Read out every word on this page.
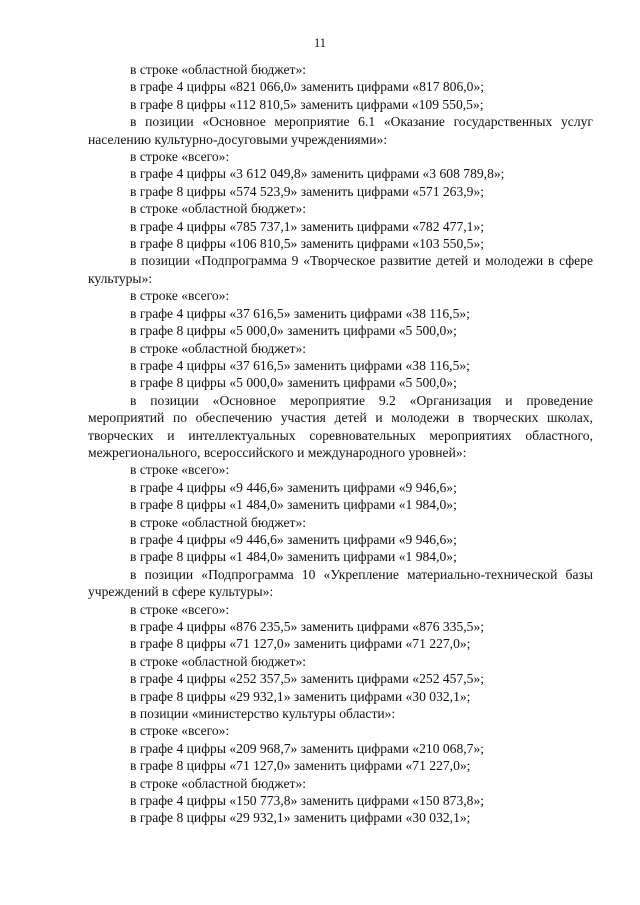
11

в строке «областной бюджет»:

в графе 4 цифры «821 066,0» заменить цифрами «817 806,0»;

в графе 8 цифры «112 810,5» заменить цифрами «109 550,5»;

в позиции «Основное мероприятие 6.1 «Оказание государственных услуг населению культурно-досуговыми учреждениями»:

в строке «всего»:

в графе 4 цифры «3 612 049,8» заменить цифрами «3 608 789,8»;

в графе 8 цифры «574 523,9» заменить цифрами «571 263,9»;

в строке «областной бюджет»:

в графе 4 цифры «785 737,1» заменить цифрами «782 477,1»;

в графе 8 цифры «106 810,5» заменить цифрами «103 550,5»;

в позиции «Подпрограмма 9 «Творческое развитие детей и молодежи в сфере культуры»:

в строке «всего»:

в графе 4 цифры «37 616,5» заменить цифрами «38 116,5»;

в графе 8 цифры «5 000,0» заменить цифрами «5 500,0»;

в строке «областной бюджет»:

в графе 4 цифры «37 616,5» заменить цифрами «38 116,5»;

в графе 8 цифры «5 000,0» заменить цифрами «5 500,0»;

в позиции «Основное мероприятие 9.2 «Организация и проведение мероприятий по обеспечению участия детей и молодежи в творческих школах, творческих и интеллектуальных соревновательных мероприятиях областного, межрегионального, всероссийского и международного уровней»:

в строке «всего»:

в графе 4 цифры «9 446,6» заменить цифрами «9 946,6»;

в графе 8 цифры «1 484,0» заменить цифрами «1 984,0»;

в строке «областной бюджет»:

в графе 4 цифры «9 446,6» заменить цифрами «9 946,6»;

в графе 8 цифры «1 484,0» заменить цифрами «1 984,0»;

в позиции «Подпрограмма 10 «Укрепление материально-технической базы учреждений в сфере культуры»:

в строке «всего»:

в графе 4 цифры «876 235,5» заменить цифрами «876 335,5»;

в графе 8 цифры «71 127,0» заменить цифрами «71 227,0»;

в строке «областной бюджет»:

в графе 4 цифры «252 357,5» заменить цифрами «252 457,5»;

в графе 8 цифры «29 932,1» заменить цифрами «30 032,1»;

в позиции «министерство культуры области»:

в строке «всего»:

в графе 4 цифры «209 968,7» заменить цифрами «210 068,7»;

в графе 8 цифры «71 127,0» заменить цифрами «71 227,0»;

в строке «областной бюджет»:

в графе 4 цифры «150 773,8» заменить цифрами «150 873,8»;

в графе 8 цифры «29 932,1» заменить цифрами «30 032,1»;
